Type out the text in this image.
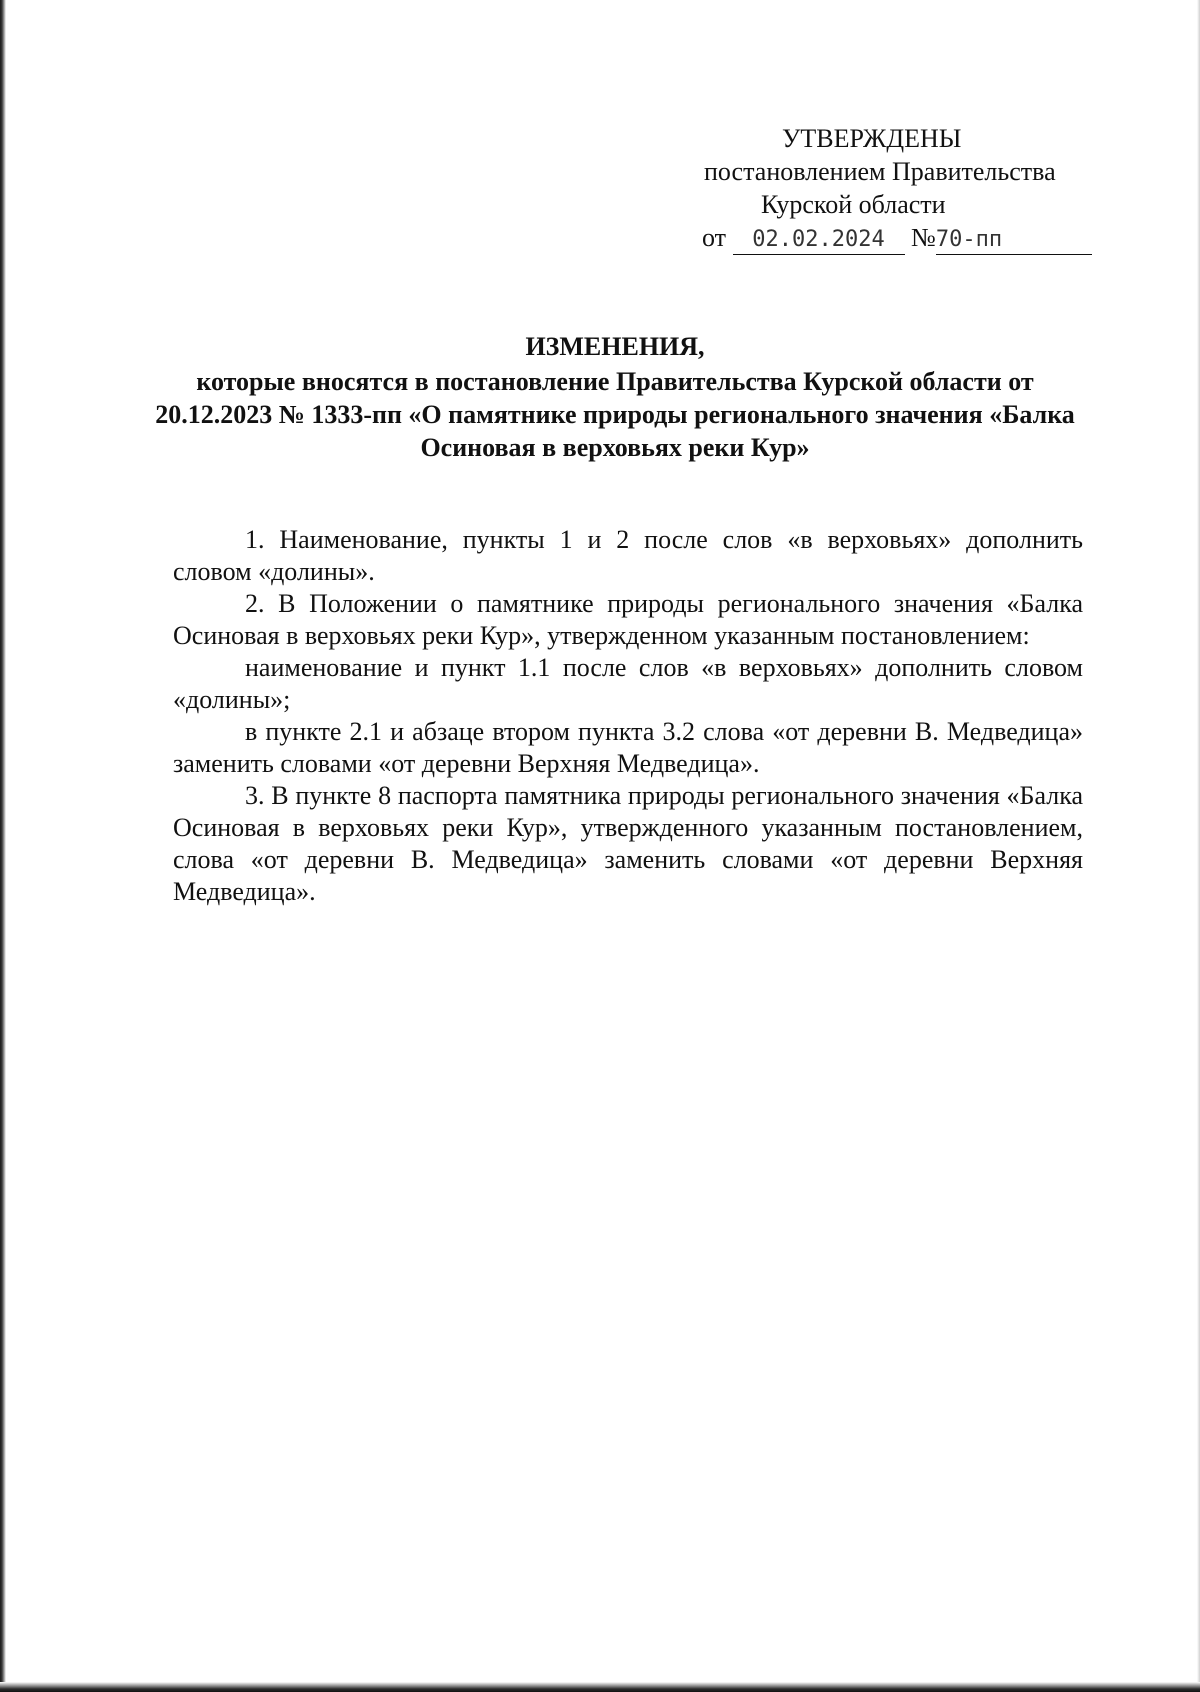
УТВЕРЖДЕНЫ
постановлением Правительства
Курской области
от 02.02.2024 №70-пп
ИЗМЕНЕНИЯ,
которые вносятся в постановление Правительства Курской области от 20.12.2023 № 1333-пп «О памятнике природы регионального значения «Балка Осиновая в верховьях реки Кур»

1. Наименование, пункты 1 и 2 после слов «в верховьях» дополнить словом «долины».

2. В Положении о памятнике природы регионального значения «Балка Осиновая в верховьях реки Кур», утвержденном указанным постановлением:

наименование и пункт 1.1 после слов «в верховьях» дополнить словом «долины»;

в пункте 2.1 и абзаце втором пункта 3.2 слова «от деревни В. Медведица» заменить словами «от деревни Верхняя Медведица».

3. В пункте 8 паспорта памятника природы регионального значения «Балка Осиновая в верховьях реки Кур», утвержденного указанным постановлением, слова «от деревни В. Медведица» заменить словами «от деревни Верхняя Медведица».
